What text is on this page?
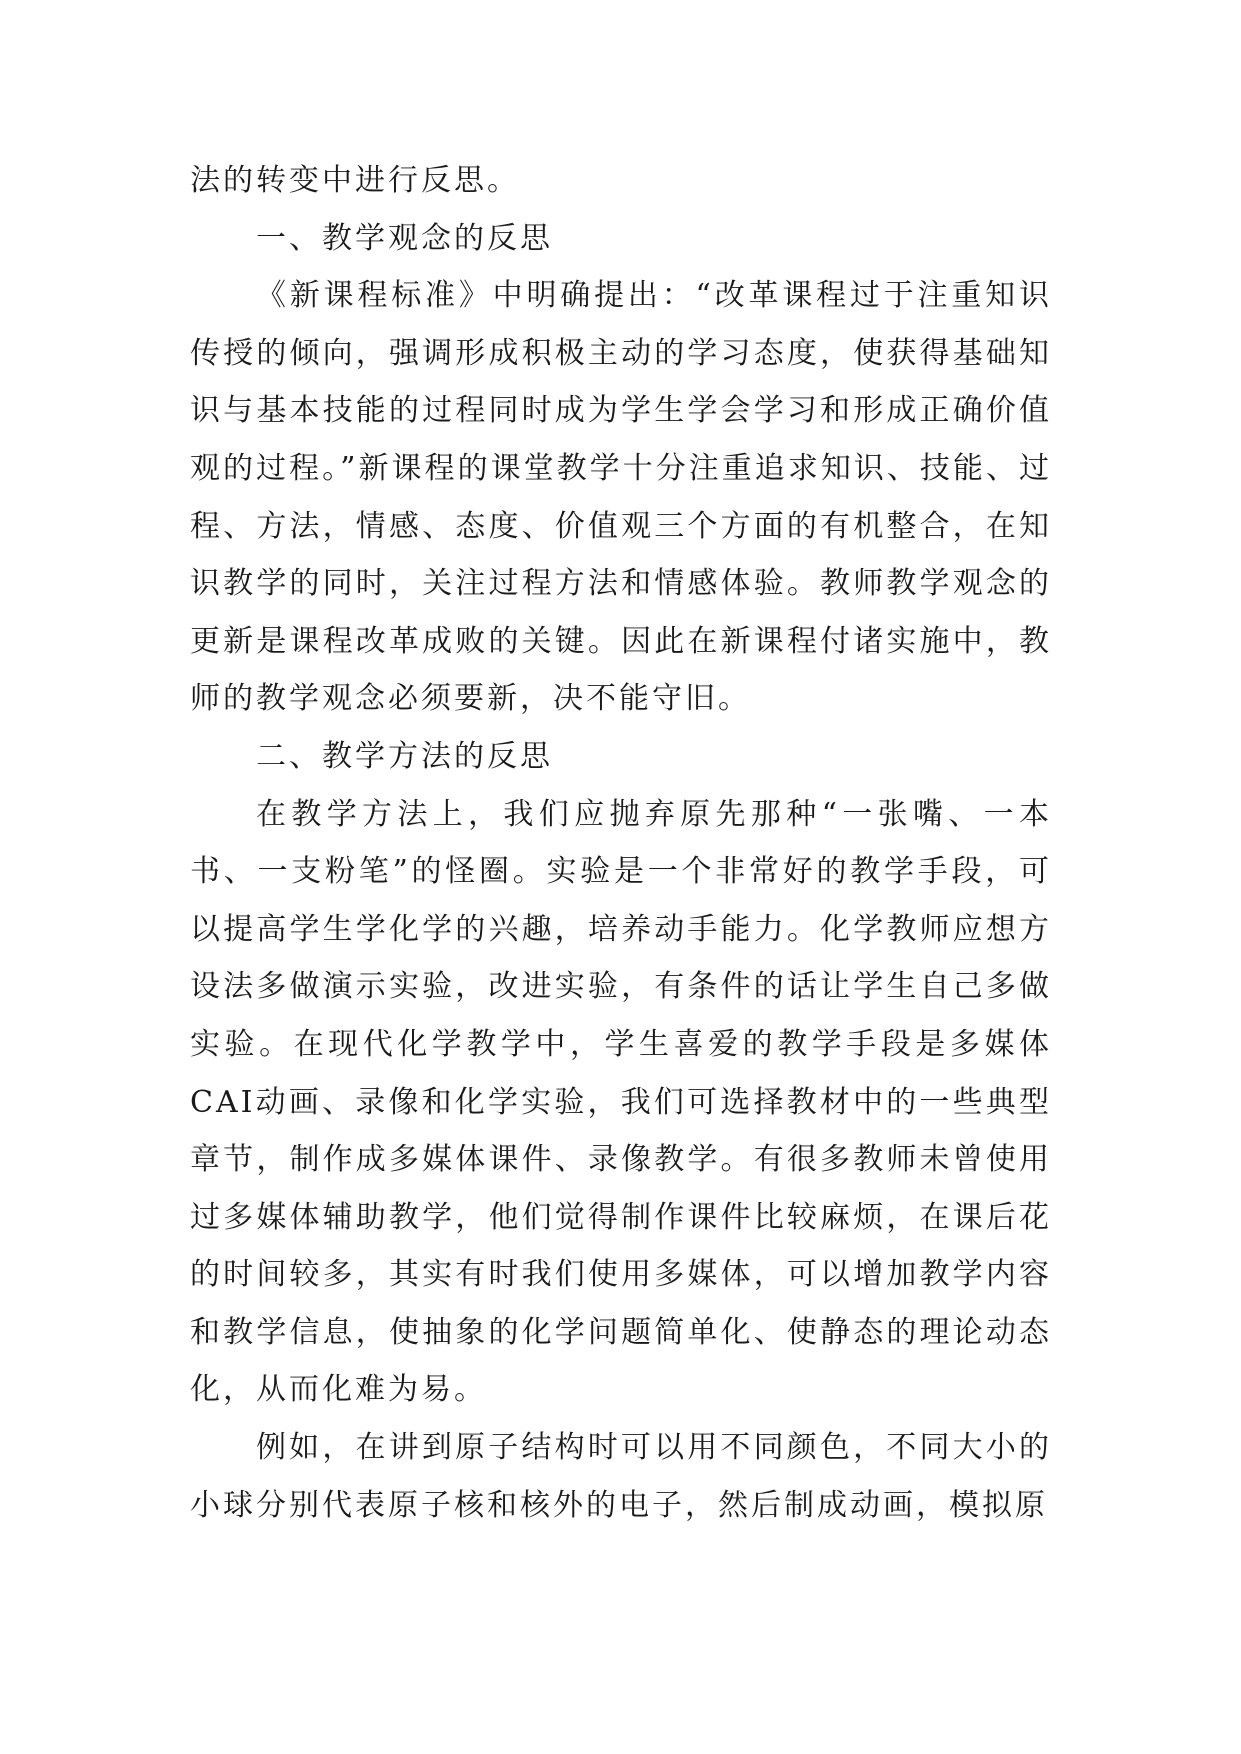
法的转变中进行反思。

一、教学观念的反思

《新课程标准》中明确提出：“改革课程过于注重知识传授的倾向，强调形成积极主动的学习态度，使获得基础知识与基本技能的过程同时成为学生学会学习和形成正确价值观的过程。”新课程的课堂教学十分注重追求知识、技能、过程、方法，情感、态度、价值观三个方面的有机整合，在知识教学的同时，关注过程方法和情感体验。教师教学观念的更新是课程改革成败的关键。因此在新课程付诸实施中，教师的教学观念必须要新，决不能守旧。

二、教学方法的反思

在教学方法上，我们应抛弃原先那种“一张嘴、一本书、一支粉笔”的怪圈。实验是一个非常好的教学手段，可以提高学生学化学的兴趣，培养动手能力。化学教师应想方设法多做演示实验，改进实验，有条件的话让学生自己多做实验。在现代化学教学中，学生喜爱的教学手段是多媒体CAI动画、录像和化学实验，我们可选择教材中的一些典型章节，制作成多媒体课件、录像教学。有很多教师未曾使用过多媒体辅助教学，他们觉得制作课件比较麻烦，在课后花的时间较多，其实有时我们使用多媒体，可以增加教学内容和教学信息，使抽象的化学问题简单化、使静态的理论动态化，从而化难为易。

例如，在讲到原子结构时可以用不同颜色，不同大小的小球分别代表原子核和核外的电子，然后制成动画，模拟原
